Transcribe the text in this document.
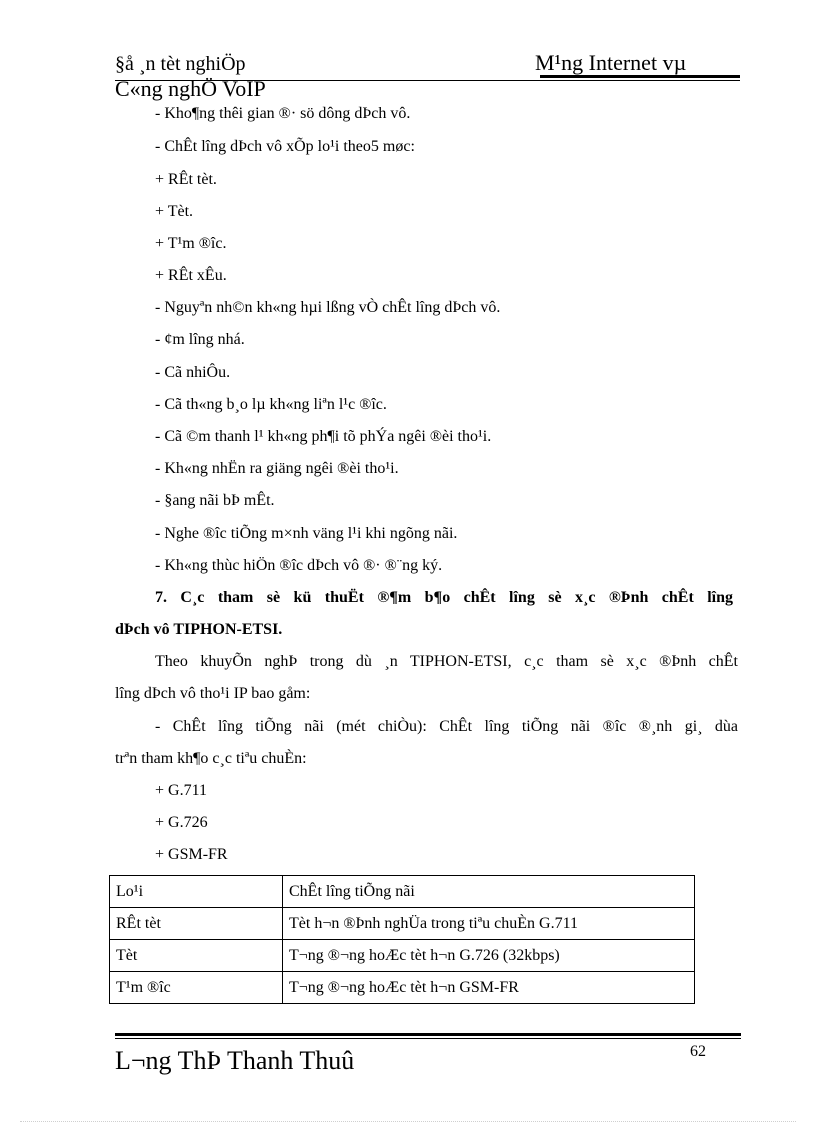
§å ¸n tèt nghiÖp	M¹ng Internet vµ
C«ng nghÖ VoIP
- Kho¶ng thêi gian ®· sö dông dÞch vô.
- ChÊt lîng dÞch vô xÕp lo¹i theo5 møc:
+ RÊt tèt.
+ Tèt.
+ T¹m ®îc.
+ RÊt xÊu.
- Nguyªn nh©n kh«ng hµi lßng vÒ chÊt lîng dÞch vô.
- ¢m lîng nhá.
- Cã nhiÔu.
- Cã th«ng b¸o lµ kh«ng liªn l¹c ®îc.
- Cã ©m thanh l¹ kh«ng ph¶i tõ phÝa ngêi ®èi tho¹i.
- Kh«ng nhËn ra giäng ngêi ®èi tho¹i.
- §ang nãi bÞ mÊt.
- Nghe ®îc tiÕng m×nh väng l¹i khi ngõng nãi.
- Kh«ng thùc hiÖn ®îc dÞch vô ®· ®¨ng ký.
7. C¸c tham sè kü thuËt ®¶m b¶o chÊt lîng sè x¸c ®Þnh chÊt lîng
dÞch vô TIPHON-ETSI.
Theo khuyÕn nghÞ trong dù ¸n TIPHON-ETSI, c¸c tham sè x¸c ®Þnh chÊt
lîng dÞch vô tho¹i IP bao gåm:
- ChÊt lîng tiÕng nãi (mét chiÒu): ChÊt lîng tiÕng nãi ®îc ®¸nh gi¸ dùa
trªn tham kh¶o c¸c tiªu chuÈn:
+ G.711
+ G.726
+ GSM-FR
Lo¹i	ChÊt lîng tiÕng nãi
RÊt tèt	Tèt h¬n ®Þnh nghÜa trong tiªu chuÈn G.711
Tèt	T¬ng ®¬ng hoÆc tèt h¬n G.726 (32kbps)
T¹m ®îc	T¬ng ®¬ng hoÆc tèt h¬n GSM-FR
L¬ng ThÞ Thanh Thuû	62
